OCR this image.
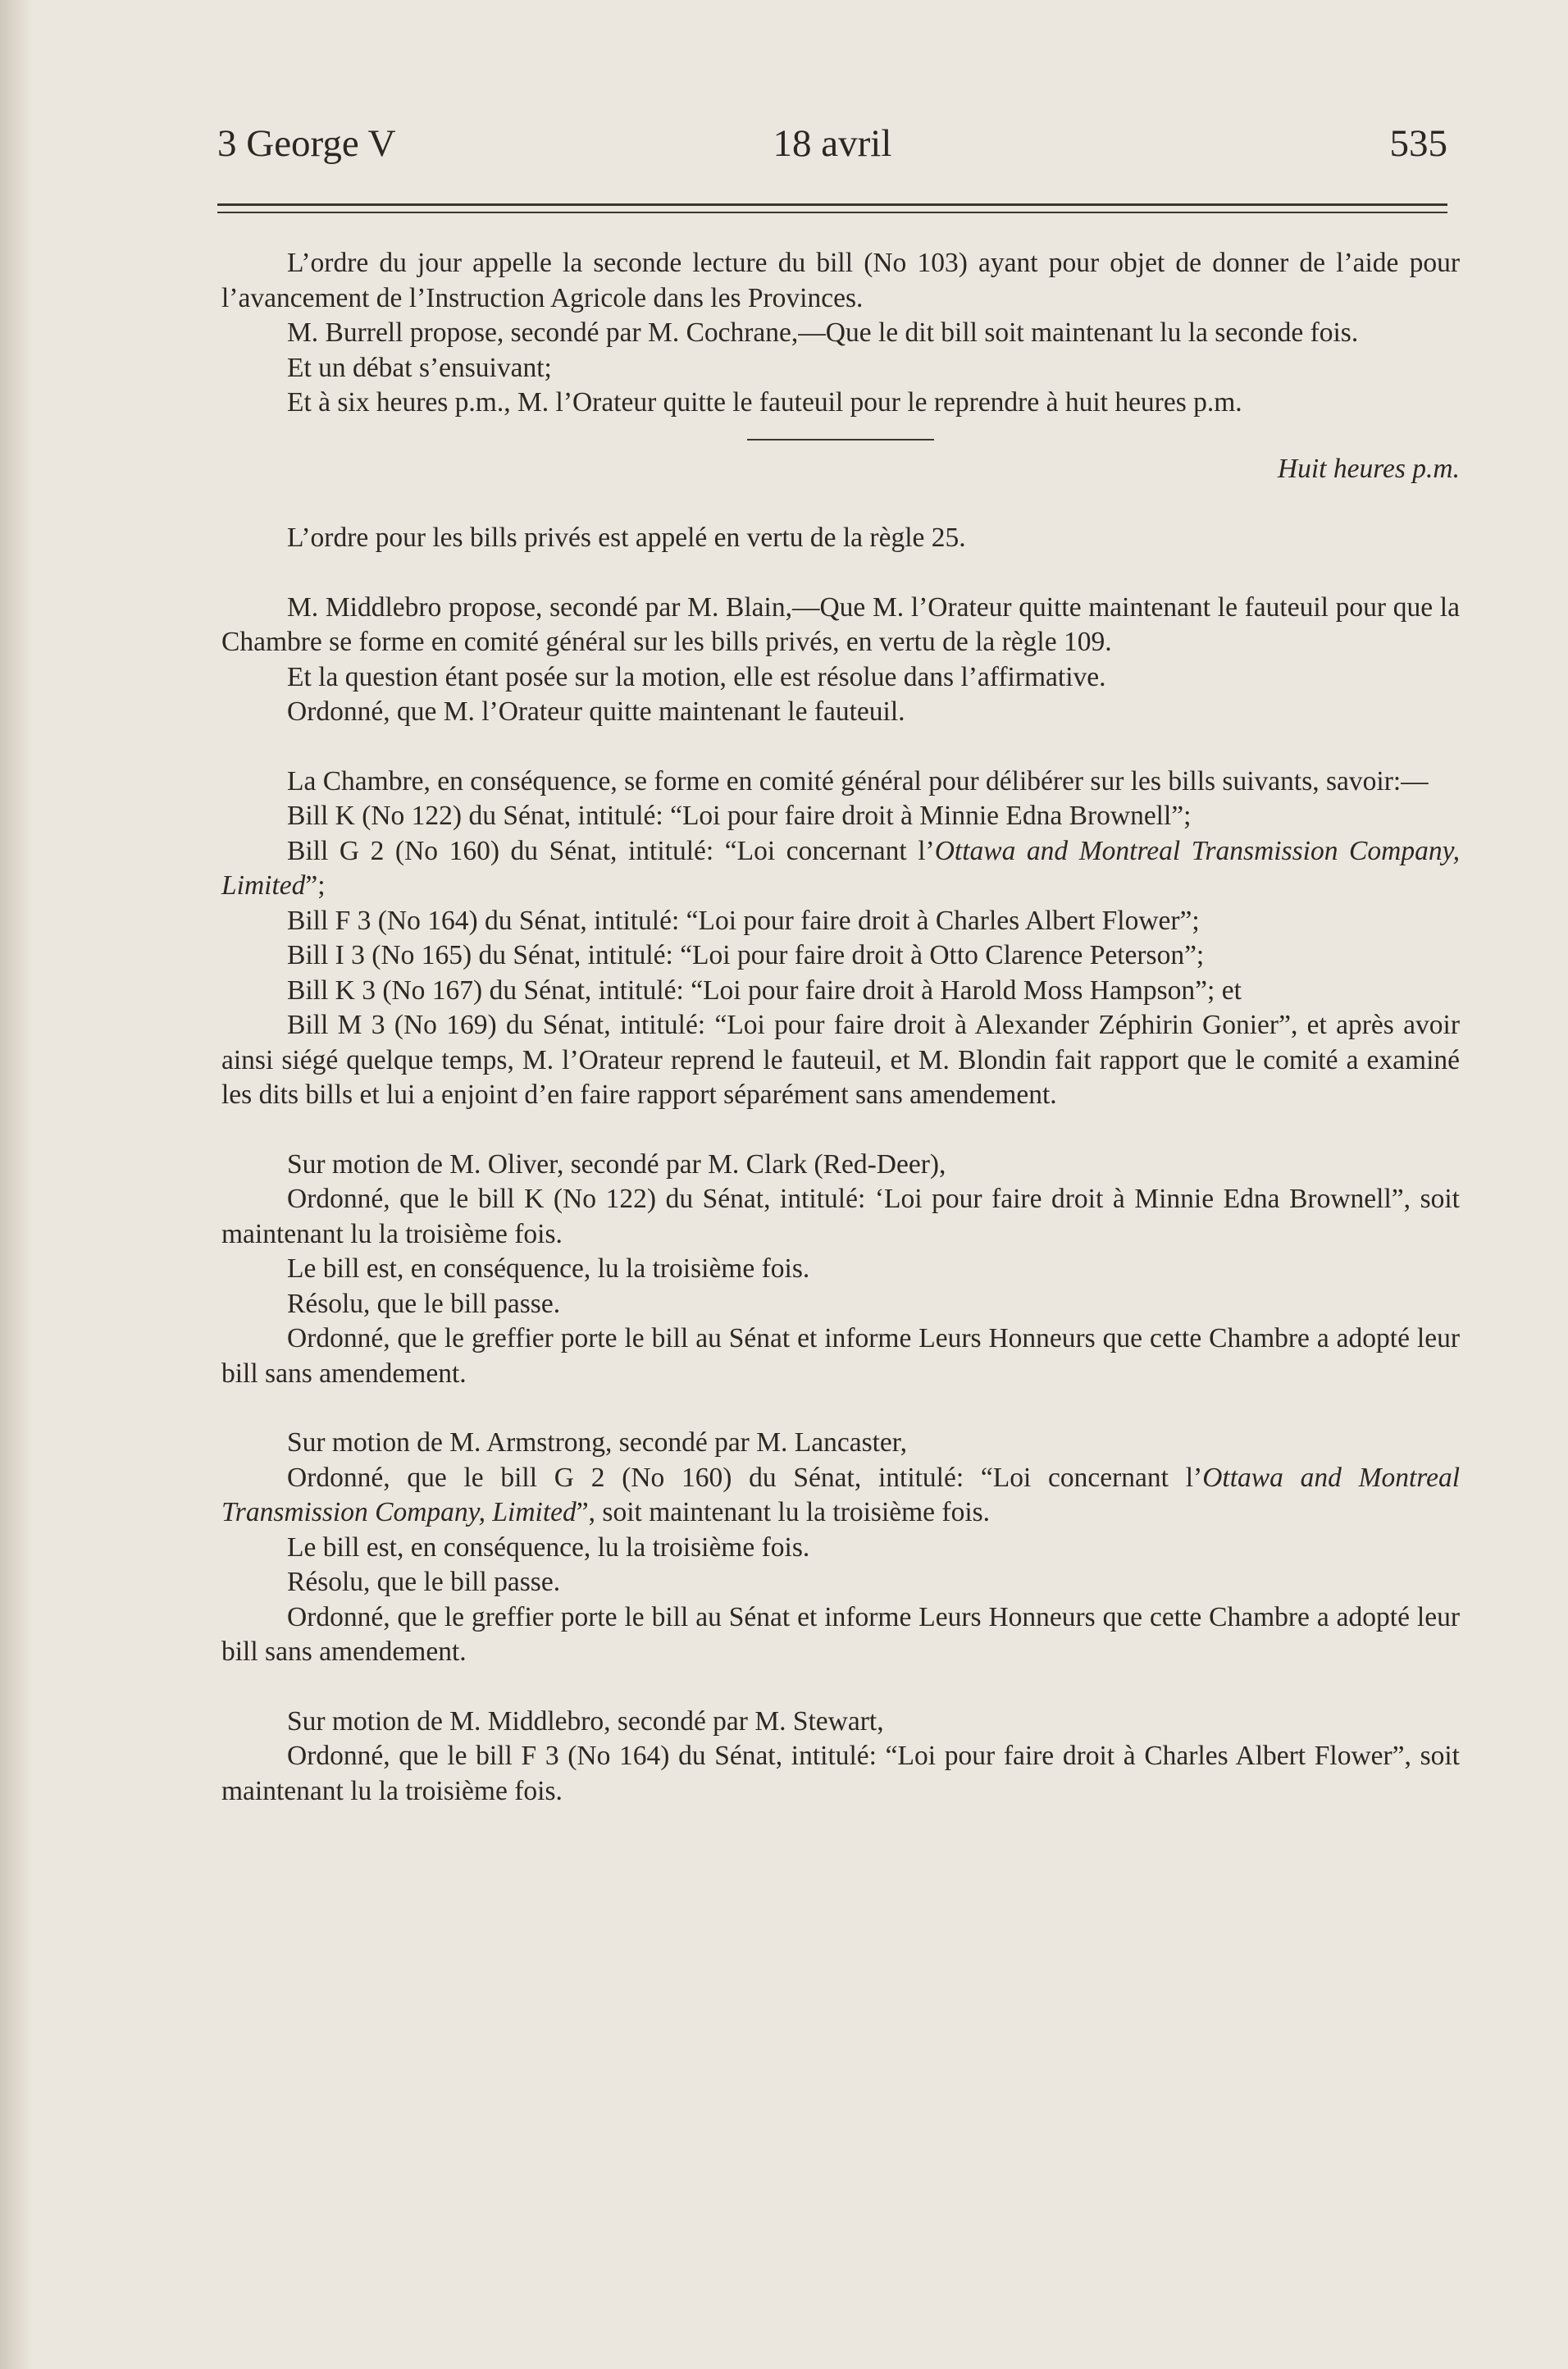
3 George V	18 avril	535

L’ordre du jour appelle la seconde lecture du bill (No 103) ayant pour objet de donner de l’aide pour l’avancement de l’Instruction Agricole dans les Provinces.

M. Burrell propose, secondé par M. Cochrane,—Que le dit bill soit maintenant lu la seconde fois.

Et un débat s’ensuivant;

Et à six heures p.m., M. l’Orateur quitte le fauteuil pour le reprendre à huit heures p.m.

Huit heures p.m.

L’ordre pour les bills privés est appelé en vertu de la règle 25.

M. Middlebro propose, secondé par M. Blain,—Que M. l’Orateur quitte maintenant le fauteuil pour que la Chambre se forme en comité général sur les bills privés, en vertu de la règle 109.

Et la question étant posée sur la motion, elle est résolue dans l’affirmative.

Ordonné, que M. l’Orateur quitte maintenant le fauteuil.

La Chambre, en conséquence, se forme en comité général pour délibérer sur les bills suivants, savoir:—

Bill K (No 122) du Sénat, intitulé: “Loi pour faire droit à Minnie Edna Brownell”;

Bill G 2 (No 160) du Sénat, intitulé: “Loi concernant l’Ottawa and Montreal Transmission Company, Limited”;

Bill F 3 (No 164) du Sénat, intitulé: “Loi pour faire droit à Charles Albert Flower”;

Bill I 3 (No 165) du Sénat, intitulé: “Loi pour faire droit à Otto Clarence Peterson”;

Bill K 3 (No 167) du Sénat, intitulé: “Loi pour faire droit à Harold Moss Hampson”; et

Bill M 3 (No 169) du Sénat, intitulé: “Loi pour faire droit à Alexander Zéphirin Gonier”, et après avoir ainsi siégé quelque temps, M. l’Orateur reprend le fauteuil, et M. Blondin fait rapport que le comité a examiné les dits bills et lui a enjoint d’en faire rapport séparément sans amendement.

Sur motion de M. Oliver, secondé par M. Clark (Red-Deer),

Ordonné, que le bill K (No 122) du Sénat, intitulé: ‘Loi pour faire droit à Minnie Edna Brownell”, soit maintenant lu la troisième fois.

Le bill est, en conséquence, lu la troisième fois.

Résolu, que le bill passe.

Ordonné, que le greffier porte le bill au Sénat et informe Leurs Honneurs que cette Chambre a adopté leur bill sans amendement.

Sur motion de M. Armstrong, secondé par M. Lancaster,

Ordonné, que le bill G 2 (No 160) du Sénat, intitulé: “Loi concernant l’Ottawa and Montreal Transmission Company, Limited”, soit maintenant lu la troisième fois.

Le bill est, en conséquence, lu la troisième fois.

Résolu, que le bill passe.

Ordonné, que le greffier porte le bill au Sénat et informe Leurs Honneurs que cette Chambre a adopté leur bill sans amendement.

Sur motion de M. Middlebro, secondé par M. Stewart,

Ordonné, que le bill F 3 (No 164) du Sénat, intitulé: “Loi pour faire droit à Charles Albert Flower”, soit maintenant lu la troisième fois.
